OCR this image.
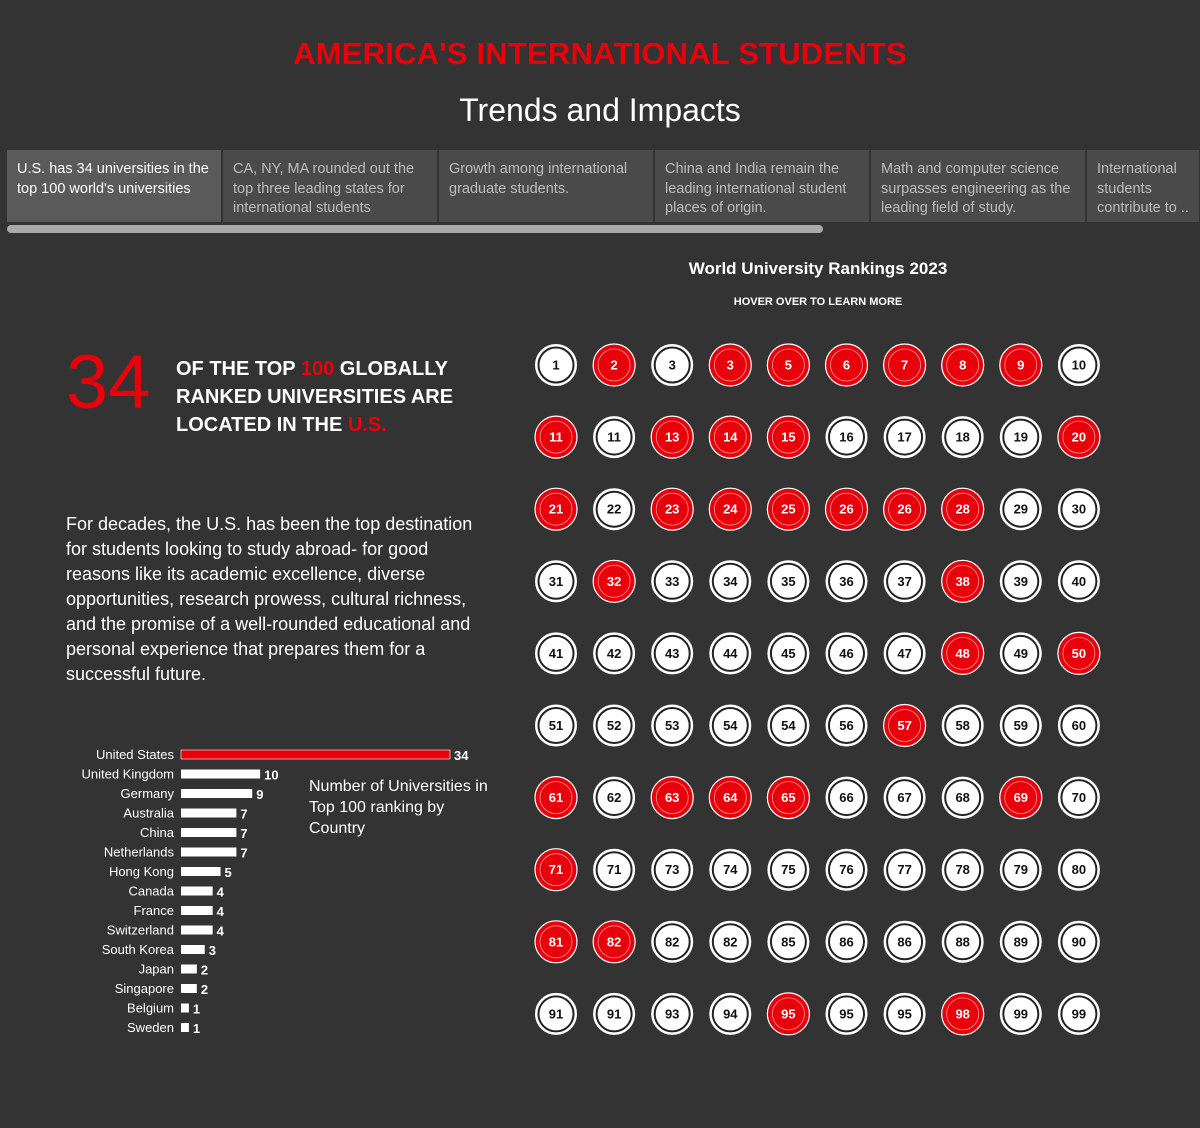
AMERICA'S INTERNATIONAL STUDENTS
Trends and Impacts
U.S. has 34 universities in the top 100 world's universities
CA, NY, MA rounded out the top three leading states for international students
Growth among international graduate students.
China and India remain the leading international student places of origin.
Math and computer science surpasses engineering as the leading field of study.
International students contribute to ..
34 OF THE TOP 100 GLOBALLY RANKED UNIVERSITIES ARE LOCATED IN THE U.S.
For decades, the U.S. has been the top destination for students looking to study abroad- for good reasons like its academic excellence, diverse opportunities, research prowess, cultural richness, and the promise of a well-rounded educational and personal experience that prepares them for a successful future.
United States	34
United Kingdom	10
Germany	9
Australia	7
China	7
Netherlands	7
Hong Kong	5
Canada	4
France	4
Switzerland	4
South Korea	3
Japan 2
Singapore 2
Belgium 1
Sweden 1
Number of Universities in Top 100 ranking by Country
World University Rankings 2023
HOVER OVER TO LEARN MORE
1	2	3	3	5	6	7	8	9	10
11	11	13	14	15	16	17	18	19	20
21	22	23	24	25	26	26	28	29	30
31	32	33	34	35	36	37	38	39	40
41	42	43	44	45	46	47	48	49	50
51	52	53	54	54	56	57	58	59	60
61	62	63	64	65	66	67	68	69	70
71	71	73	74	75	76	77	78	79	80
81	82	82	82	85	86	86	88	89	90
91	91	93	94	95	95	95	98	99	99
